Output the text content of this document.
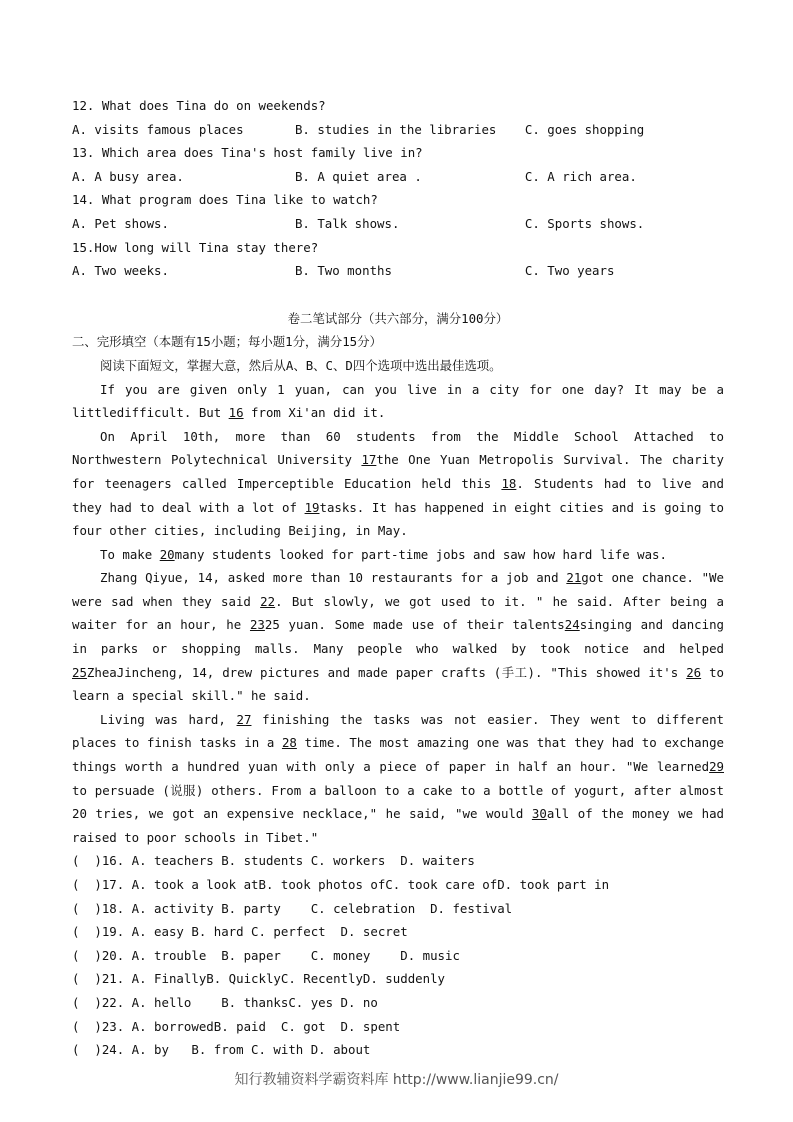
12. What does Tina do on weekends?
A. visits famous places	B. studies in the libraries	C. goes shopping
13. Which area does Tina's host family live in?
A. A busy area.	B. A quiet area .	C. A rich area.
14. What program does Tina like to watch?
A. Pet shows.	B. Talk shows.	C. Sports shows.
15.How long will Tina stay there?
A. Two weeks.	B. Two months	C. Two years
卷二笔试部分（共六部分，满分100分）
二、完形填空（本题有15小题；每小题1分，满分15分）
阅读下面短文，掌握大意，然后从A、B、C、D四个选项中选出最佳选项。
If you are given only 1 yuan, can you live in a city for one day? It may be a littledifficult. But 16 from Xi'an did it.
On April 10th, more than 60 students from the Middle School Attached to Northwestern Polytechnical University 17the One Yuan Metropolis Survival. The charity for teenagers called Imperceptible Education held this 18. Students had to live and they had to deal with a lot of 19tasks. It has happened in eight cities and is going to four other cities, including Beijing, in May.
To make 20many students looked for part-time jobs and saw how hard life was.
Zhang Qiyue, 14, asked more than 10 restaurants for a job and 21got one chance. "We were sad when they said 22. But slowly, we got used to it. " he said. After being a waiter for an hour, he 2325 yuan. Some made use of their talents24singing and dancing in parks or shopping malls. Many people who walked by took notice and helped 25ZheaJincheng, 14, drew pictures and made paper crafts (手工). "This showed it's 26 to learn a special skill." he said.
Living was hard, 27 finishing the tasks was not easier. They went to different places to finish tasks in a 28 time. The most amazing one was that they had to exchange things worth a hundred yuan with only a piece of paper in half an hour. "We learned29 to persuade (说服) others. From a balloon to a cake to a bottle of yogurt, after almost 20 tries, we got an expensive necklace," he said, "we would 30all of the money we had raised to poor schools in Tibet."
(  )16. A. teachers B. students C. workers  D. waiters
(  )17. A. took a look atB. took photos ofC. took care ofD. took part in
(  )18. A. activity B. party    C. celebration  D. festival
(  )19. A. easy B. hard C. perfect  D. secret
(  )20. A. trouble  B. paper    C. money    D. music
(  )21. A. FinallyB. QuicklyC. RecentlyD. suddenly
(  )22. A. hello    B. thanksC. yes D. no
(  )23. A. borrowedB. paid  C. got  D. spent
(  )24. A. by   B. from C. with D. about
知行教辅资料学霸资料库 http://www.lianjie99.cn/
